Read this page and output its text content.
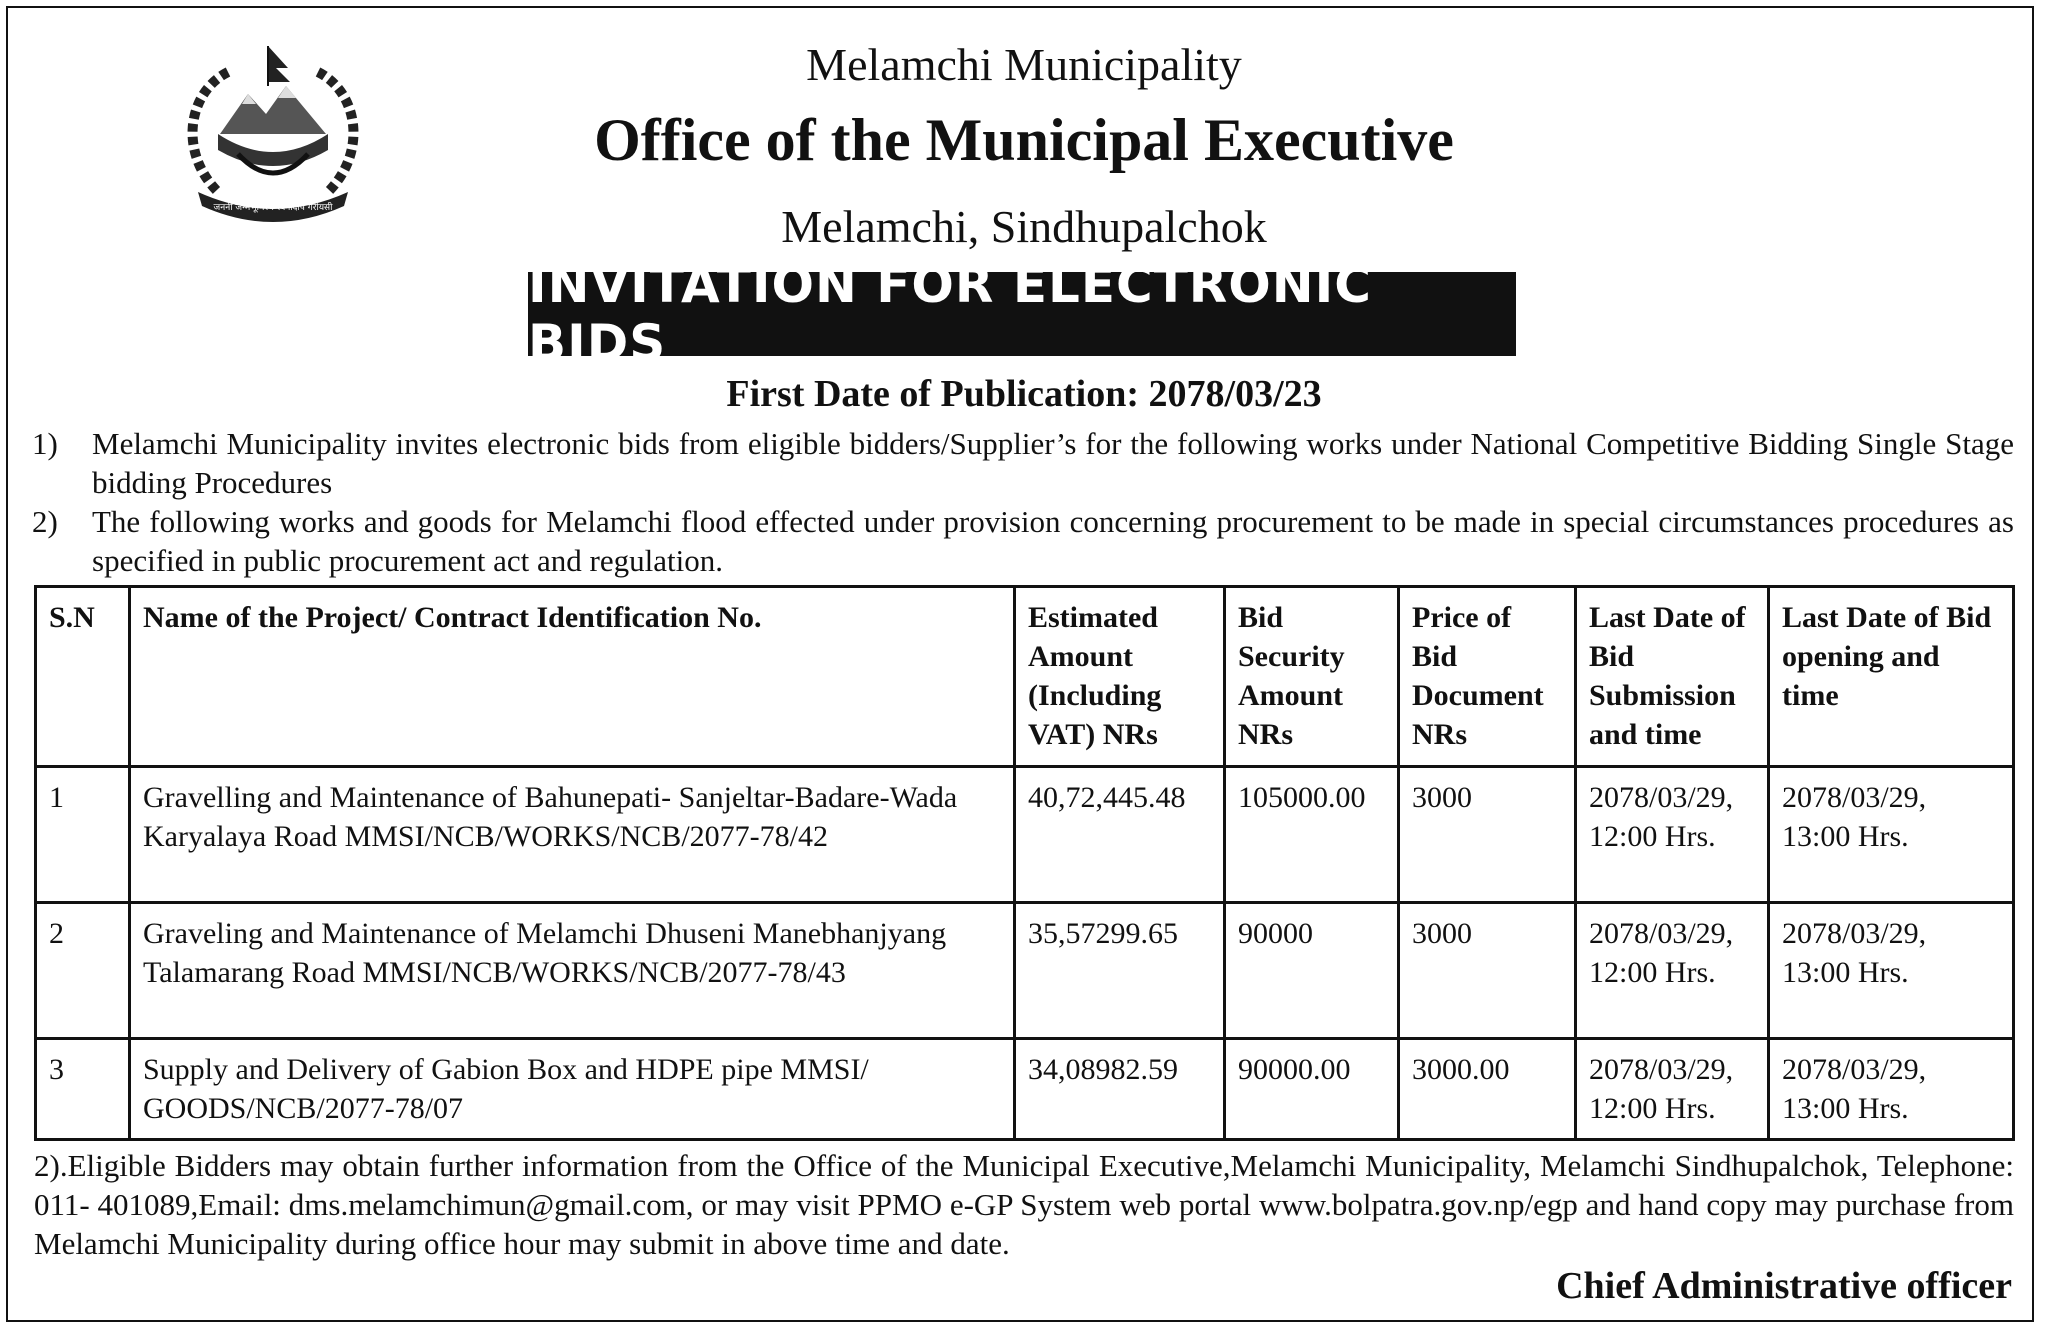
जननी जन्मभूमिश्च स्वर्गादपि गरीयसी
Melamchi Municipality
Office of the Municipal Executive
Melamchi, Sindhupalchok
INVITATION FOR ELECTRONIC BIDS
First Date of Publication: 2078/03/23
1) Melamchi Municipality invites electronic bids from eligible bidders/Supplier’s for the following works under National Competitive Bidding Single Stage bidding Procedures
2) The following works and goods for Melamchi flood effected under provision concerning procurement to be made in special circumstances procedures as specified in public procurement act and regulation.
S.N	Name of the Project/ Contract Identification No.	Estimated Amount (Including VAT) NRs	Bid Security Amount NRs	Price of Bid Document NRs	Last Date of Bid Submission and time	Last Date of Bid opening and time
1	Gravelling and Maintenance of Bahunepati- Sanjeltar-Badare-Wada Karyalaya Road MMSI/NCB/WORKS/NCB/2077-78/42	40,72,445.48	105000.00	3000	2078/03/29, 12:00 Hrs.	2078/03/29, 13:00 Hrs.
2	Graveling and Maintenance of Melamchi Dhuseni Manebhanjyang Talamarang Road MMSI/NCB/WORKS/NCB/2077-78/43	35,57299.65	90000	3000	2078/03/29, 12:00 Hrs.	2078/03/29, 13:00 Hrs.
3	Supply and Delivery of Gabion Box and HDPE pipe MMSI/ GOODS/NCB/2077-78/07	34,08982.59	90000.00	3000.00	2078/03/29, 12:00 Hrs.	2078/03/29, 13:00 Hrs.
2).Eligible Bidders may obtain further information from the Office of the Municipal Executive,Melamchi Municipality, Melamchi Sindhupalchok, Telephone: 011- 401089,Email: dms.melamchimun@gmail.com, or may visit PPMO e-GP System web portal www.bolpatra.gov.np/egp and hand copy may purchase from Melamchi Municipality during office hour may submit in above time and date.
Chief Administrative officer
